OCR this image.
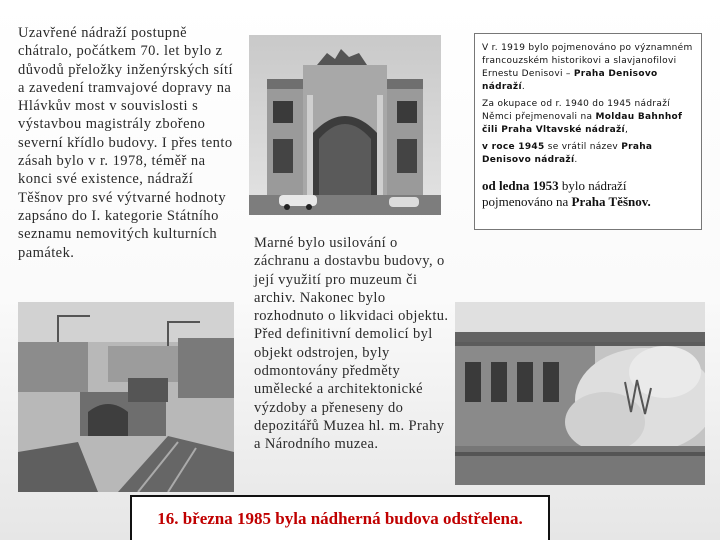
Uzavřené nádraží postupně chátralo, počátkem 70. let bylo z důvodů přeložky inženýrských sítí a zavedení tramvajové dopravy na Hlávkův most v souvislosti s výstavbou magistrály zbořeno severní křídlo budovy. I přes tento zásah bylo v r. 1978, téměř na konci své existence, nádraží Těšnov pro své výtvarné hodnoty zapsáno do I. kategorie Státního seznamu nemovitých kulturních památek.

V r. 1919 bylo pojmenováno po významném francouzském historikovi a slavjanofilovi Ernestu Denisovi – Praha Denisovo nádraží.

Za okupace od r. 1940 do 1945 nádraží Němci přejmenovali na Moldau Bahnhof čili Praha Vltavské nádraží,

v roce 1945 se vrátil název Praha Denisovo nádraží.

od ledna 1953 bylo nádraží pojmenováno na Praha Těšnov.

Marné bylo usilování o záchranu a dostavbu budovy, o její využití pro muzeum či archiv. Nakonec bylo rozhodnuto o likvidaci objektu. Před definitivní demolicí byl objekt odstrojen, byly odmontovány předměty umělecké a architektonické výzdoby a přeneseny do depozitářů Muzea hl. m. Prahy a Národního muzea.

16. března 1985 byla nádherná budova odstřelena.
